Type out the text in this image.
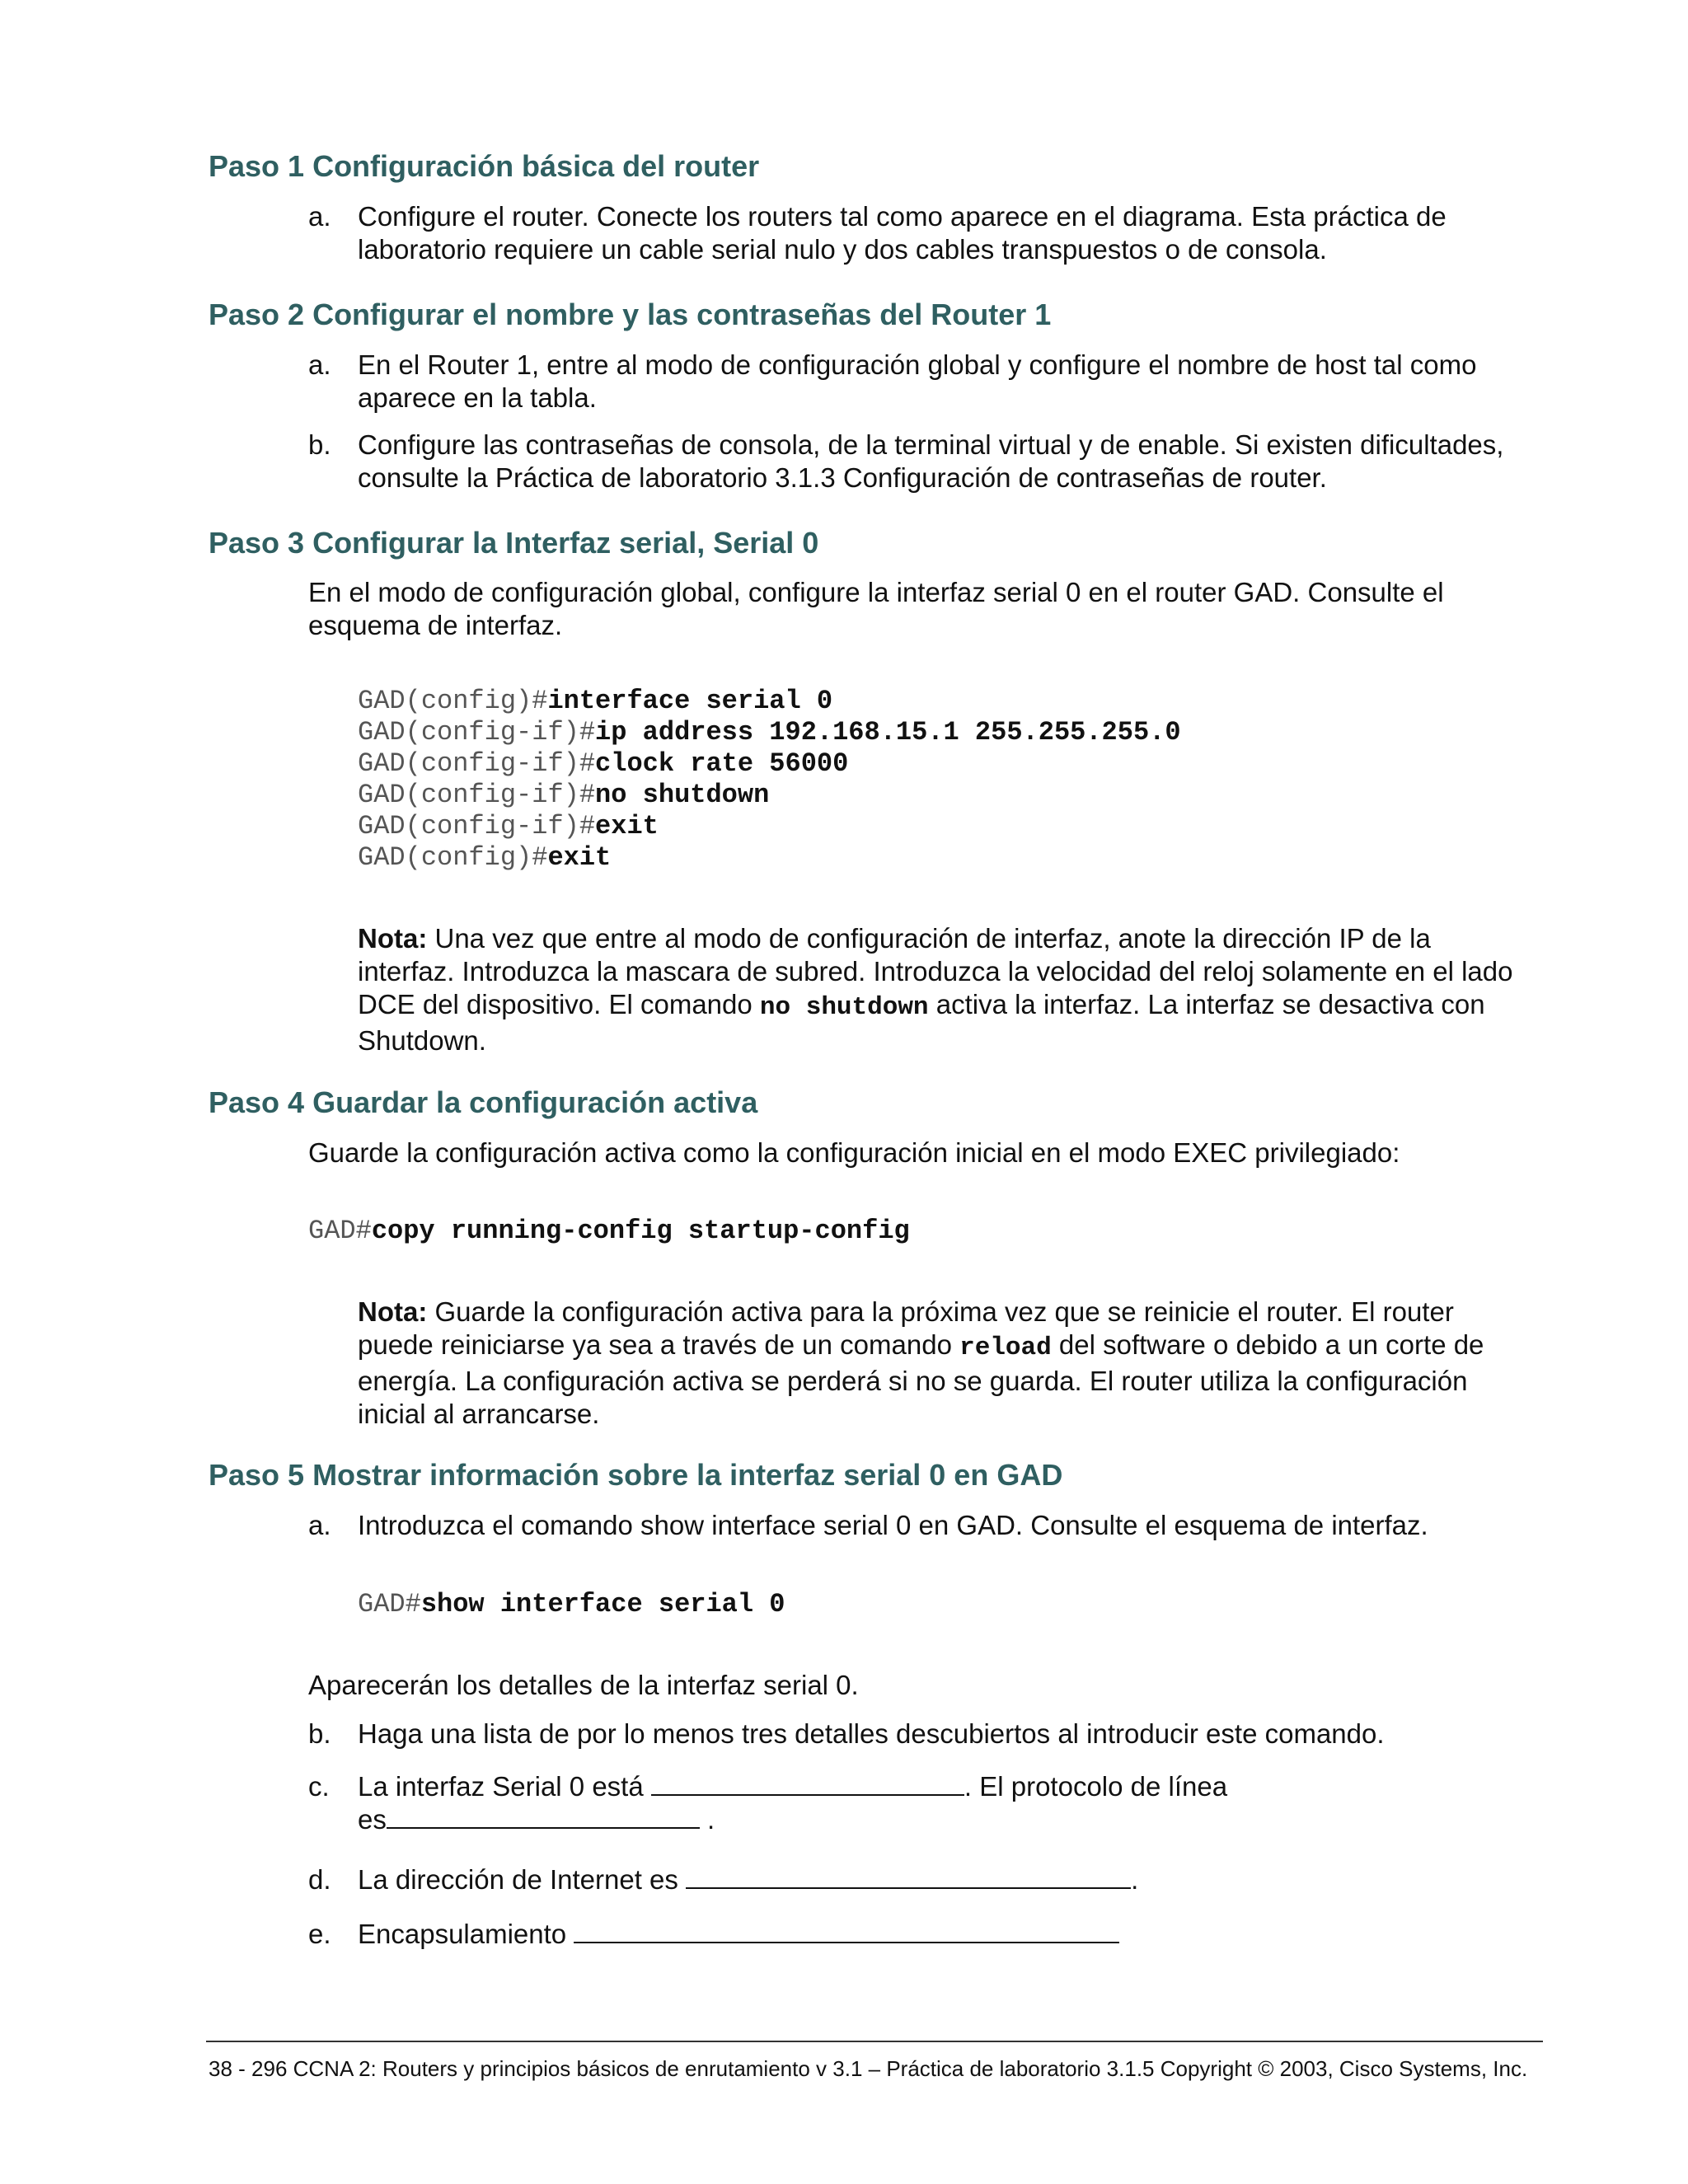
Paso 1 Configuración básica del router
a. Configure el router. Conecte los routers tal como aparece en el diagrama. Esta práctica de
laboratorio requiere un cable serial nulo y dos cables transpuestos o de consola.
Paso 2 Configurar el nombre y las contraseñas del Router 1
a. En el Router 1, entre al modo de configuración global y configure el nombre de host tal como
aparece en la tabla.
b. Configure las contraseñas de consola, de la terminal virtual y de enable. Si existen dificultades,
consulte la Práctica de laboratorio 3.1.3 Configuración de contraseñas de router.
Paso 3 Configurar la Interfaz serial, Serial 0
En el modo de configuración global, configure la interfaz serial 0 en el router GAD. Consulte el
esquema de interfaz.
GAD(config)#interface serial 0
GAD(config-if)#ip address 192.168.15.1 255.255.255.0
GAD(config-if)#clock rate 56000
GAD(config-if)#no shutdown
GAD(config-if)#exit
GAD(config)#exit
Nota: Una vez que entre al modo de configuración de interfaz, anote la dirección IP de la
interfaz. Introduzca la mascara de subred. Introduzca la velocidad del reloj solamente en el lado
DCE del dispositivo. El comando no shutdown activa la interfaz. La interfaz se desactiva con
Shutdown.
Paso 4 Guardar la configuración activa
Guarde la configuración activa como la configuración inicial en el modo EXEC privilegiado:
GAD#copy running-config startup-config
Nota: Guarde la configuración activa para la próxima vez que se reinicie el router. El router
puede reiniciarse ya sea a través de un comando reload del software o debido a un corte de
energía. La configuración activa se perderá si no se guarda. El router utiliza la configuración
inicial al arrancarse.
Paso 5 Mostrar información sobre la interfaz serial 0 en GAD
a. Introduzca el comando show interface serial 0 en GAD. Consulte el esquema de interfaz.
GAD#show interface serial 0
Aparecerán los detalles de la interfaz serial 0.
b. Haga una lista de por lo menos tres detalles descubiertos al introducir este comando.
c. La interfaz Serial 0 está	. El protocolo de línea
es	.
d. La dirección de Internet es	.
e. Encapsulamiento
38 - 296 CCNA 2: Routers y principios básicos de enrutamiento v 3.1 – Práctica de laboratorio 3.1.5 Copyright © 2003, Cisco Systems, Inc.
